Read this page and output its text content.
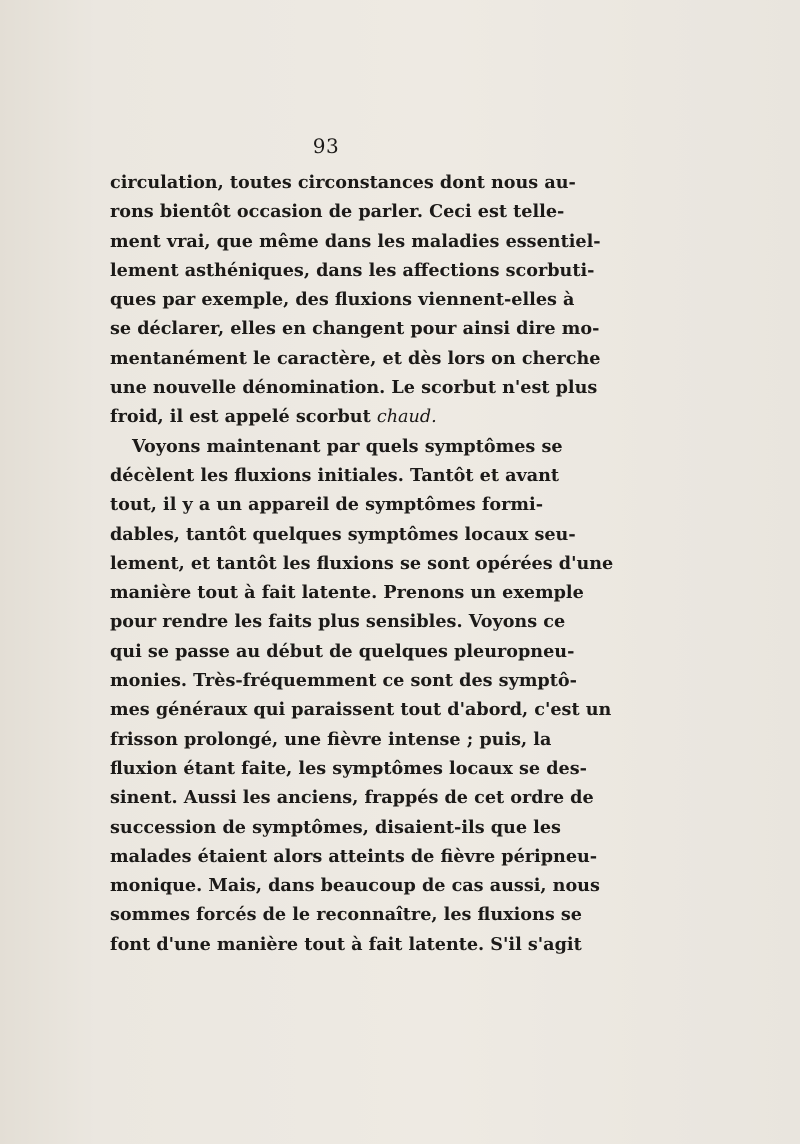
93
circulation, toutes circonstances dont nous au-
rons bientôt occasion de parler. Ceci est telle-
ment vrai, que même dans les maladies essentiel-
lement asthéniques, dans les affections scorbuti-
ques par exemple, des fluxions viennent-elles à
se déclarer, elles en changent pour ainsi dire mo-
mentanément le caractère, et dès lors on cherche
une nouvelle dénomination. Le scorbut n'est plus
froid, il est appelé scorbut chaud.
Voyons maintenant par quels symptômes se
décèlent les fluxions initiales. Tantôt et avant
tout, il y a un appareil de symptômes formi-
dables, tantôt quelques symptômes locaux seu-
lement, et tantôt les fluxions se sont opérées d'une
manière tout à fait latente. Prenons un exemple
pour rendre les faits plus sensibles. Voyons ce
qui se passe au début de quelques pleuropneu-
monies. Très-fréquemment ce sont des symptô-
mes généraux qui paraissent tout d'abord, c'est un
frisson prolongé, une fièvre intense ; puis, la
fluxion étant faite, les symptômes locaux se des-
sinent. Aussi les anciens, frappés de cet ordre de
succession de symptômes, disaient-ils que les
malades étaient alors atteints de fièvre péripneu-
monique. Mais, dans beaucoup de cas aussi, nous
sommes forcés de le reconnaître, les fluxions se
font d'une manière tout à fait latente. S'il s'agit
